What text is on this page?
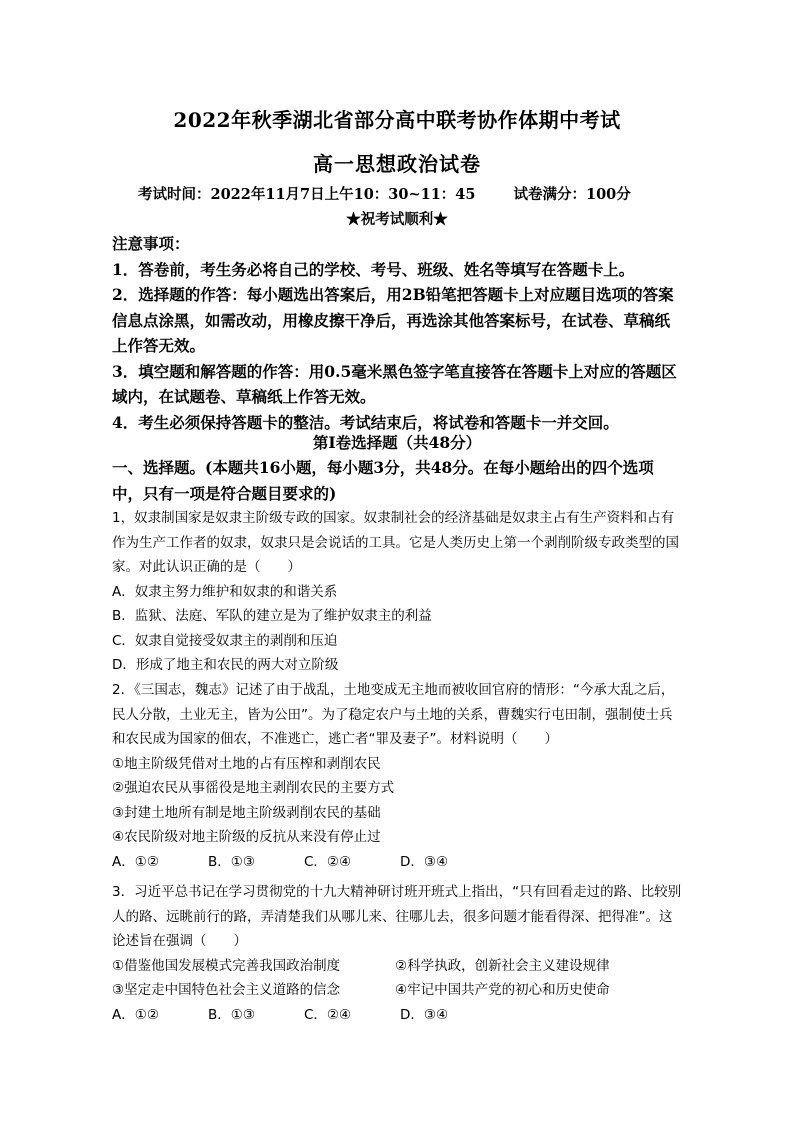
2022年秋季湖北省部分高中联考协作体期中考试
高一思想政治试卷
考试时间：2022年11月7日上午10：30~11：45	试卷满分：100分
★祝考试顺利★

注意事项：

1．答卷前，考生务必将自己的学校、考号、班级、姓名等填写在答题卡上。

2．选择题的作答：每小题选出答案后，用2B铅笔把答题卡上对应题目选项的答案信息点涂黑，如需改动，用橡皮擦干净后，再选涂其他答案标号，在试卷、草稿纸上作答无效。

3．填空题和解答题的作答：用0.5毫米黑色签字笔直接答在答题卡上对应的答题区域内，在试题卷、草稿纸上作答无效。

4．考生必须保持答题卡的整洁。考试结束后，将试卷和答题卡一并交回。

第Ⅰ卷选择题（共48分）
一、选择题。(本题共16小题，每小题3分，共48分。在每小题给出的四个选项中，只有一项是符合题目要求的)

1，奴隶制国家是奴隶主阶级专政的国家。奴隶制社会的经济基础是奴隶主占有生产资料和占有作为生产工作者的奴隶，奴隶只是会说话的工具。它是人类历史上第一个剥削阶级专政类型的国家。对此认识正确的是（　　）

A．奴隶主努力维护和奴隶的和谐关系

B．监狱、法庭、军队的建立是为了维护奴隶主的利益

C．奴隶自觉接受奴隶主的剥削和压迫

D．形成了地主和农民的两大对立阶级

2．《三国志，魏志》记述了由于战乱，土地变成无主地而被收回官府的情形：“今承大乱之后，民人分散，土业无主，皆为公田”。为了稳定农户与土地的关系，曹魏实行屯田制，强制使士兵和农民成为国家的佃农，不准逃亡，逃亡者“罪及妻子”。材料说明（　　）

①地主阶级凭借对土地的占有压榨和剥削农民

②强迫农民从事徭役是地主剥削农民的主要方式

③封建土地所有制是地主阶级剥削农民的基础

④农民阶级对地主阶级的反抗从来没有停止过

A．①②	B．①③	C．②④	D．③④

3．习近平总书记在学习贯彻党的十九大精神研讨班开班式上指出，“只有回看走过的路、比较别人的路、远眺前行的路，弄清楚我们从哪儿来、往哪儿去，很多问题才能看得深、把得准”。这论述旨在强调（　　）

①借鉴他国发展模式完善我国政治制度	②科学执政，创新社会主义建设规律

③坚定走中国特色社会主义道路的信念	④牢记中国共产党的初心和历史使命

A．①②	B．①③	C．②④	D．③④
